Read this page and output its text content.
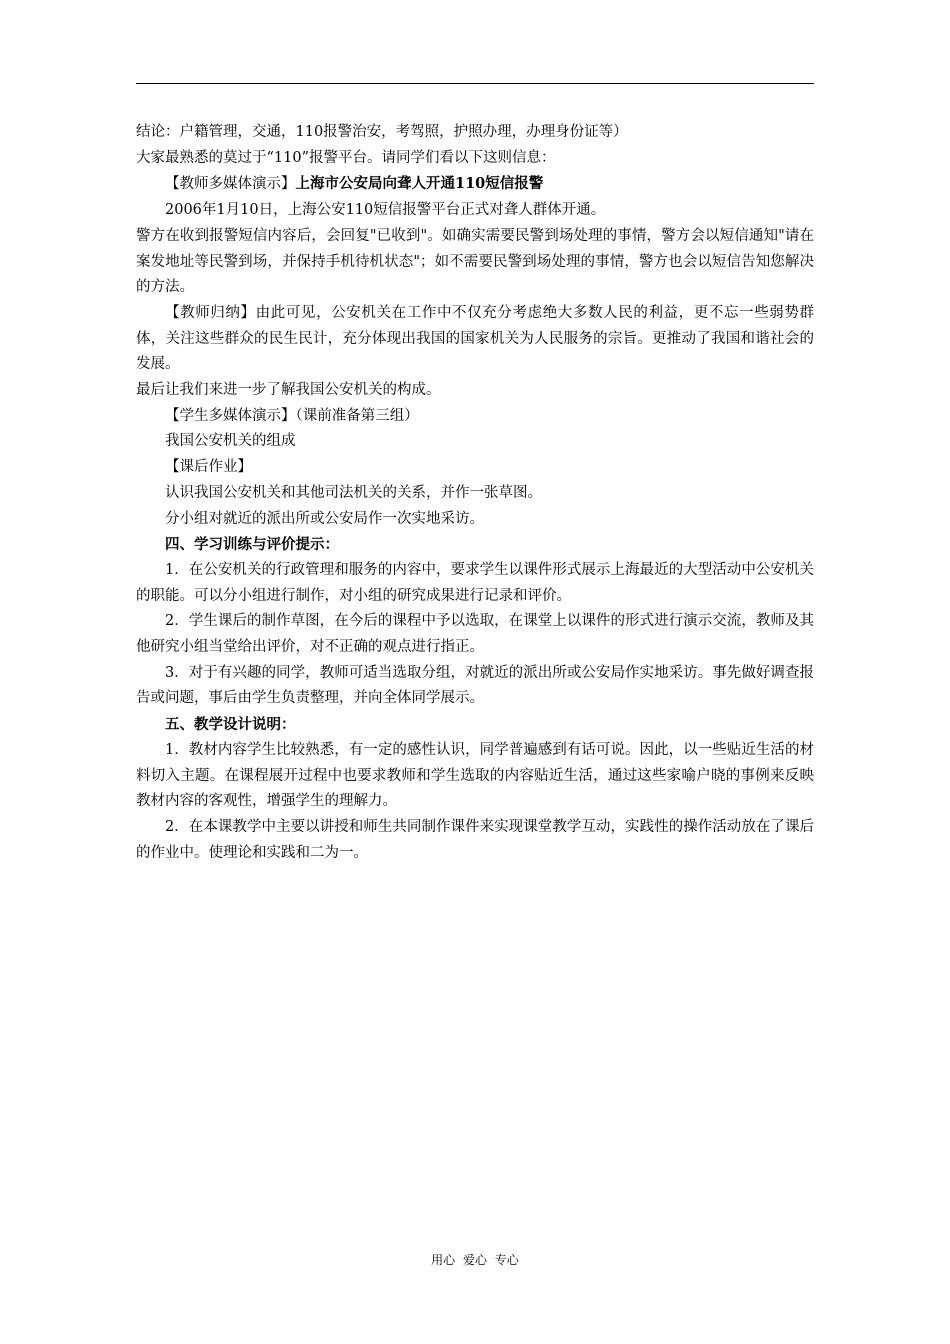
结论：户籍管理，交通，110报警治安，考驾照，护照办理，办理身份证等）

大家最熟悉的莫过于“110”报警平台。请同学们看以下这则信息：

【教师多媒体演示】上海市公安局向聋人开通110短信报警

2006年1月10日，上海公安110短信报警平台正式对聋人群体开通。

警方在收到报警短信内容后，会回复"已收到"。如确实需要民警到场处理的事情，警方会以短信通知"请在案发地址等民警到场，并保持手机待机状态"；如不需要民警到场处理的事情，警方也会以短信告知您解决的方法。

【教师归纳】由此可见，公安机关在工作中不仅充分考虑绝大多数人民的利益，更不忘一些弱势群体，关注这些群众的民生民计，充分体现出我国的国家机关为人民服务的宗旨。更推动了我国和谐社会的发展。

最后让我们来进一步了解我国公安机关的构成。

【学生多媒体演示】（课前准备第三组）

我国公安机关的组成

【课后作业】

认识我国公安机关和其他司法机关的关系，并作一张草图。

分小组对就近的派出所或公安局作一次实地采访。

四、学习训练与评价提示：

1．在公安机关的行政管理和服务的内容中，要求学生以课件形式展示上海最近的大型活动中公安机关的职能。可以分小组进行制作，对小组的研究成果进行记录和评价。

2．学生课后的制作草图，在今后的课程中予以选取，在课堂上以课件的形式进行演示交流，教师及其他研究小组当堂给出评价，对不正确的观点进行指正。

3．对于有兴趣的同学，教师可适当选取分组，对就近的派出所或公安局作实地采访。事先做好调查报告或问题，事后由学生负责整理，并向全体同学展示。

五、教学设计说明：

1．教材内容学生比较熟悉，有一定的感性认识，同学普遍感到有话可说。因此，以一些贴近生活的材料切入主题。在课程展开过程中也要求教师和学生选取的内容贴近生活，通过这些家喻户晓的事例来反映教材内容的客观性，增强学生的理解力。

2．在本课教学中主要以讲授和师生共同制作课件来实现课堂教学互动，实践性的操作活动放在了课后的作业中。使理论和实践和二为一。

用心 爱心 专心
